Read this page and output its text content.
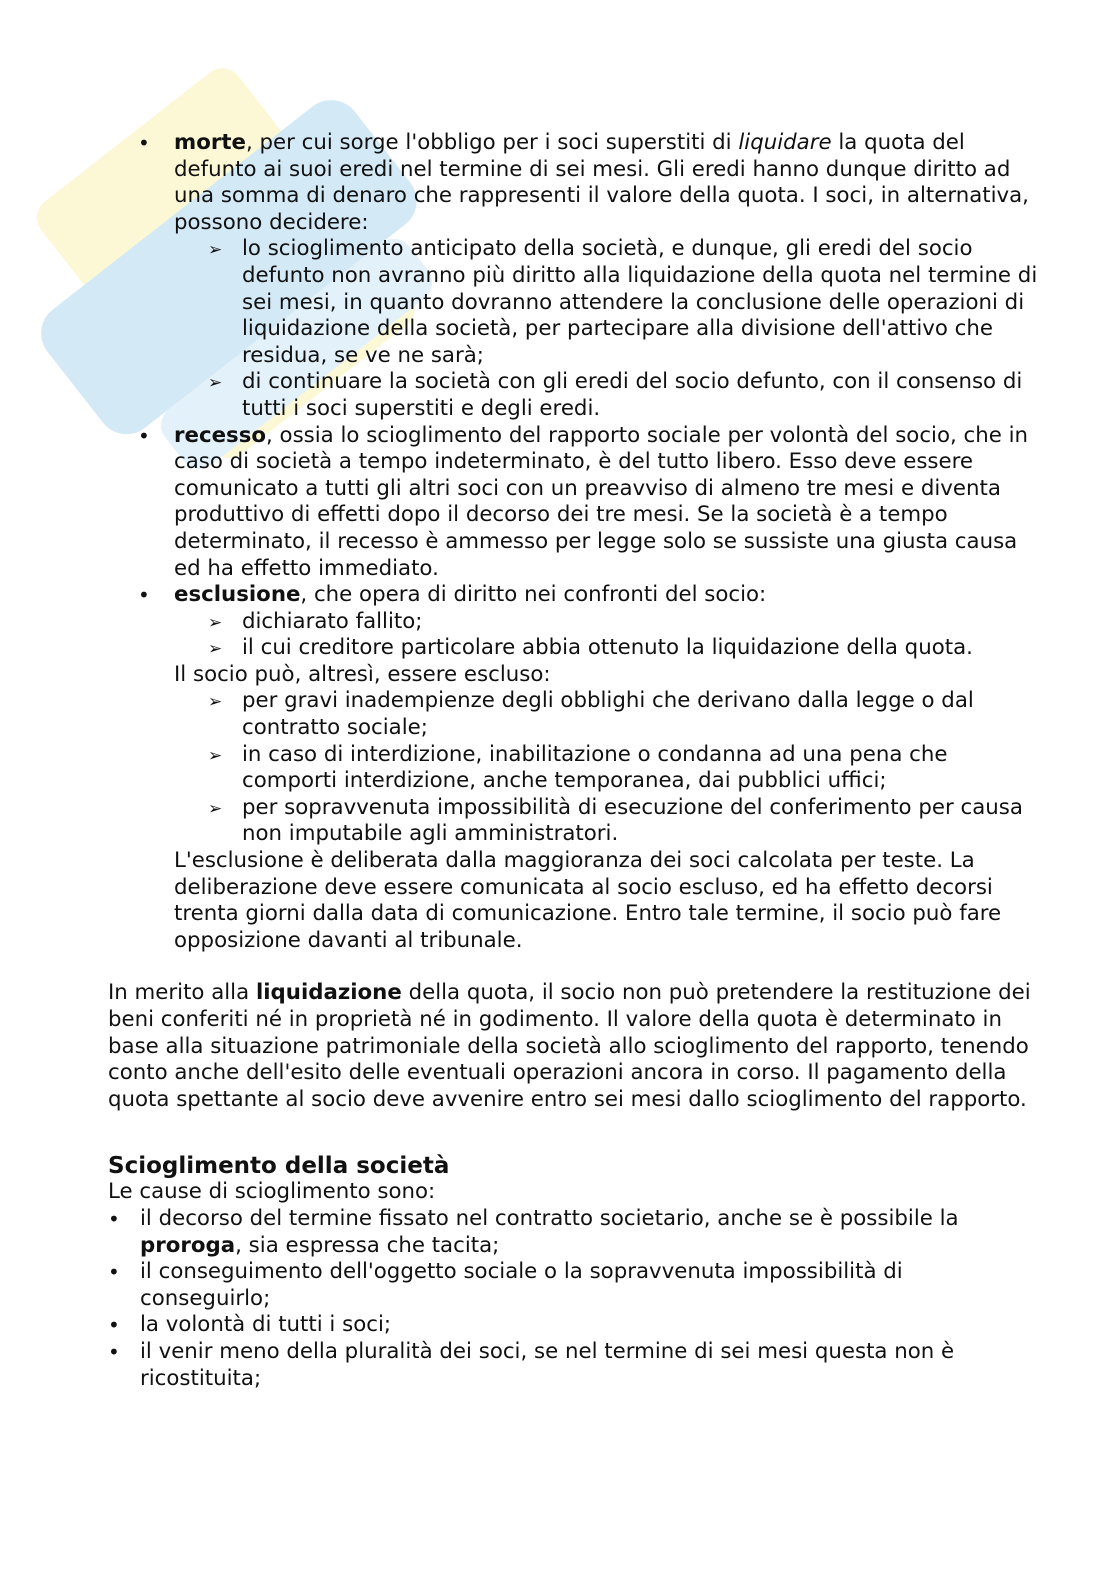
• morte, per cui sorge l'obbligo per i soci superstiti di liquidare la quota del defunto ai suoi eredi nel termine di sei mesi. Gli eredi hanno dunque diritto ad una somma di denaro che rappresenti il valore della quota. I soci, in alternativa, possono decidere:
➢ lo scioglimento anticipato della società, e dunque, gli eredi del socio defunto non avranno più diritto alla liquidazione della quota nel termine di sei mesi, in quanto dovranno attendere la conclusione delle operazioni di liquidazione della società, per partecipare alla divisione dell'attivo che residua, se ve ne sarà;
➢ di continuare la società con gli eredi del socio defunto, con il consenso di tutti i soci superstiti e degli eredi.
• recesso, ossia lo scioglimento del rapporto sociale per volontà del socio, che in caso di società a tempo indeterminato, è del tutto libero. Esso deve essere comunicato a tutti gli altri soci con un preavviso di almeno tre mesi e diventa produttivo di effetti dopo il decorso dei tre mesi. Se la società è a tempo determinato, il recesso è ammesso per legge solo se sussiste una giusta causa ed ha effetto immediato.
• esclusione, che opera di diritto nei confronti del socio:
➢ dichiarato fallito;
➢ il cui creditore particolare abbia ottenuto la liquidazione della quota.

Il socio può, altresì, essere escluso:

➢ per gravi inadempienze degli obblighi che derivano dalla legge o dal contratto sociale;
➢ in caso di interdizione, inabilitazione o condanna ad una pena che comporti interdizione, anche temporanea, dai pubblici uffici;
➢ per sopravvenuta impossibilità di esecuzione del conferimento per causa non imputabile agli amministratori.

L'esclusione è deliberata dalla maggioranza dei soci calcolata per teste. La deliberazione deve essere comunicata al socio escluso, ed ha effetto decorsi trenta giorni dalla data di comunicazione. Entro tale termine, il socio può fare opposizione davanti al tribunale.

In merito alla liquidazione della quota, il socio non può pretendere la restituzione dei beni conferiti né in proprietà né in godimento. Il valore della quota è determinato in base alla situazione patrimoniale della società allo scioglimento del rapporto, tenendo conto anche dell'esito delle eventuali operazioni ancora in corso. Il pagamento della quota spettante al socio deve avvenire entro sei mesi dallo scioglimento del rapporto.

Scioglimento della società

Le cause di scioglimento sono:

• il decorso del termine fissato nel contratto societario, anche se è possibile la proroga, sia espressa che tacita;
• il conseguimento dell'oggetto sociale o la sopravvenuta impossibilità di conseguirlo;
• la volontà di tutti i soci;
• il venir meno della pluralità dei soci, se nel termine di sei mesi questa non è ricostituita;
